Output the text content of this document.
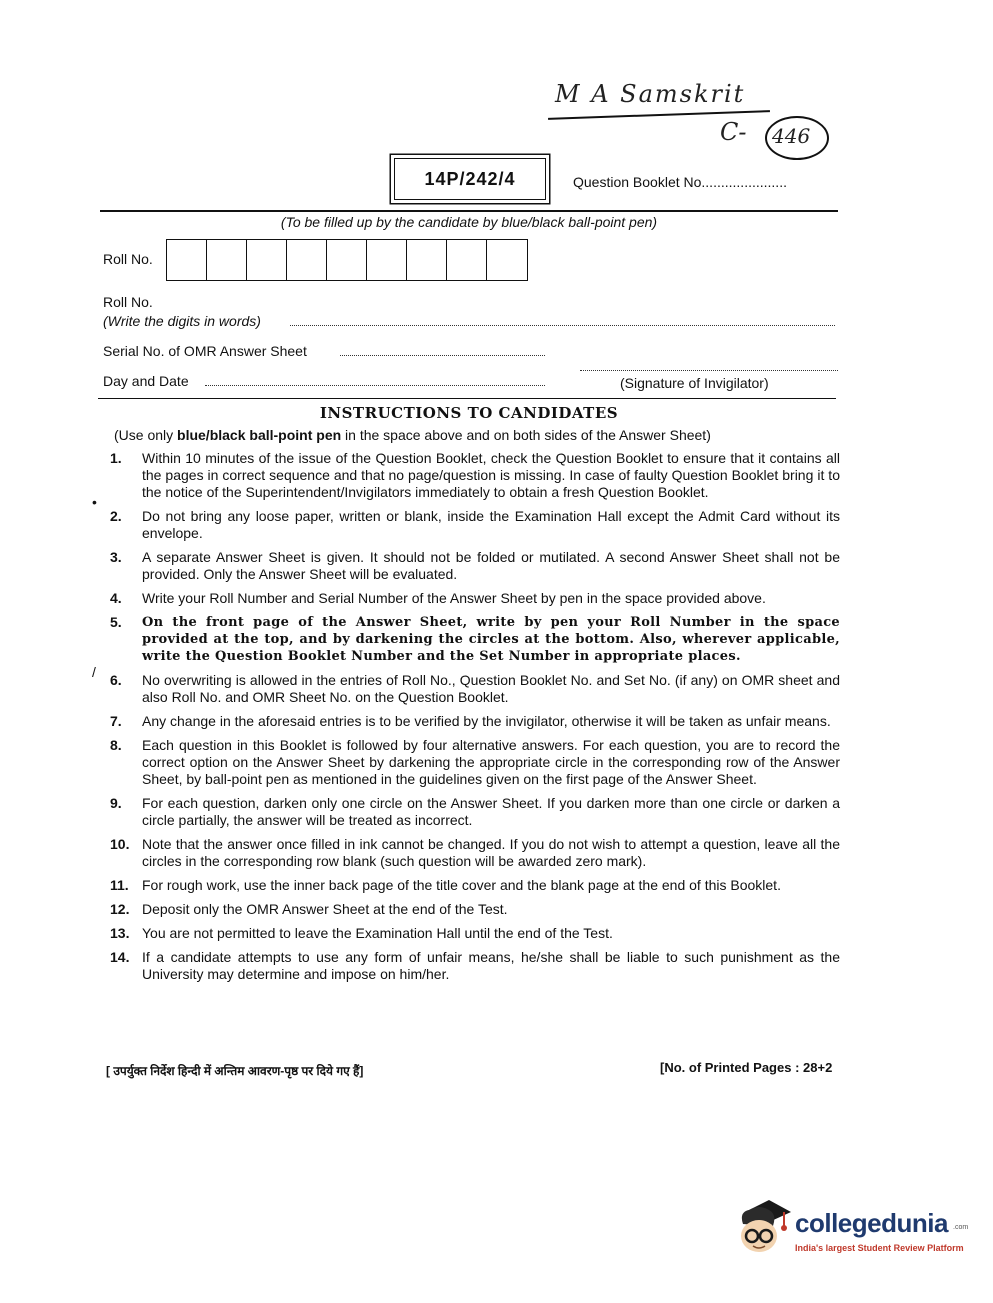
M A Samskrit
C- 446
14P/242/4	Question Booklet No......................
(To be filled up by the candidate by blue/black ball-point pen)
Roll No.
Roll No.
(Write the digits in words)
Serial No. of OMR Answer Sheet
Day and Date	(Signature of Invigilator)
INSTRUCTIONS TO CANDIDATES
(Use only blue/black ball-point pen in the space above and on both sides of the Answer Sheet)
1.	Within 10 minutes of the issue of the Question Booklet, check the Question Booklet to ensure that it contains all the pages in correct sequence and that no page/question is missing. In case of faulty Question Booklet bring it to the notice of the Superintendent/Invigilators immediately to obtain a fresh Question Booklet.
2.	Do not bring any loose paper, written or blank, inside the Examination Hall except the Admit Card without its envelope.
3.	A separate Answer Sheet is given. It should not be folded or mutilated. A second Answer Sheet shall not be provided. Only the Answer Sheet will be evaluated.
4.	Write your Roll Number and Serial Number of the Answer Sheet by pen in the space provided above.
5.	On the front page of the Answer Sheet, write by pen your Roll Number in the space provided at the top, and by darkening the circles at the bottom. Also, wherever applicable, write the Question Booklet Number and the Set Number in appropriate places.
6.	No overwriting is allowed in the entries of Roll No., Question Booklet No. and Set No. (if any) on OMR sheet and also Roll No. and OMR Sheet No. on the Question Booklet.
7.	Any change in the aforesaid entries is to be verified by the invigilator, otherwise it will be taken as unfair means.
8.	Each question in this Booklet is followed by four alternative answers. For each question, you are to record the correct option on the Answer Sheet by darkening the appropriate circle in the corresponding row of the Answer Sheet, by ball-point pen as mentioned in the guidelines given on the first page of the Answer Sheet.
9.	For each question, darken only one circle on the Answer Sheet. If you darken more than one circle or darken a circle partially, the answer will be treated as incorrect.
10. Note that the answer once filled in ink cannot be changed. If you do not wish to attempt a question, leave all the circles in the corresponding row blank (such question will be awarded zero mark).
11. For rough work, use the inner back page of the title cover and the blank page at the end of this Booklet.
12. Deposit only the OMR Answer Sheet at the end of the Test.
13. You are not permitted to leave the Examination Hall until the end of the Test.
14. If a candidate attempts to use any form of unfair means, he/she shall be liable to such punishment as the University may determine and impose on him/her.
•
/
[ उपर्युक्त निर्देश हिन्दी में अन्तिम आवरण-पृष्ठ पर दिये गए हैं]	[No. of Printed Pages : 28+2
collegedunia .com
India's largest Student Review Platform
